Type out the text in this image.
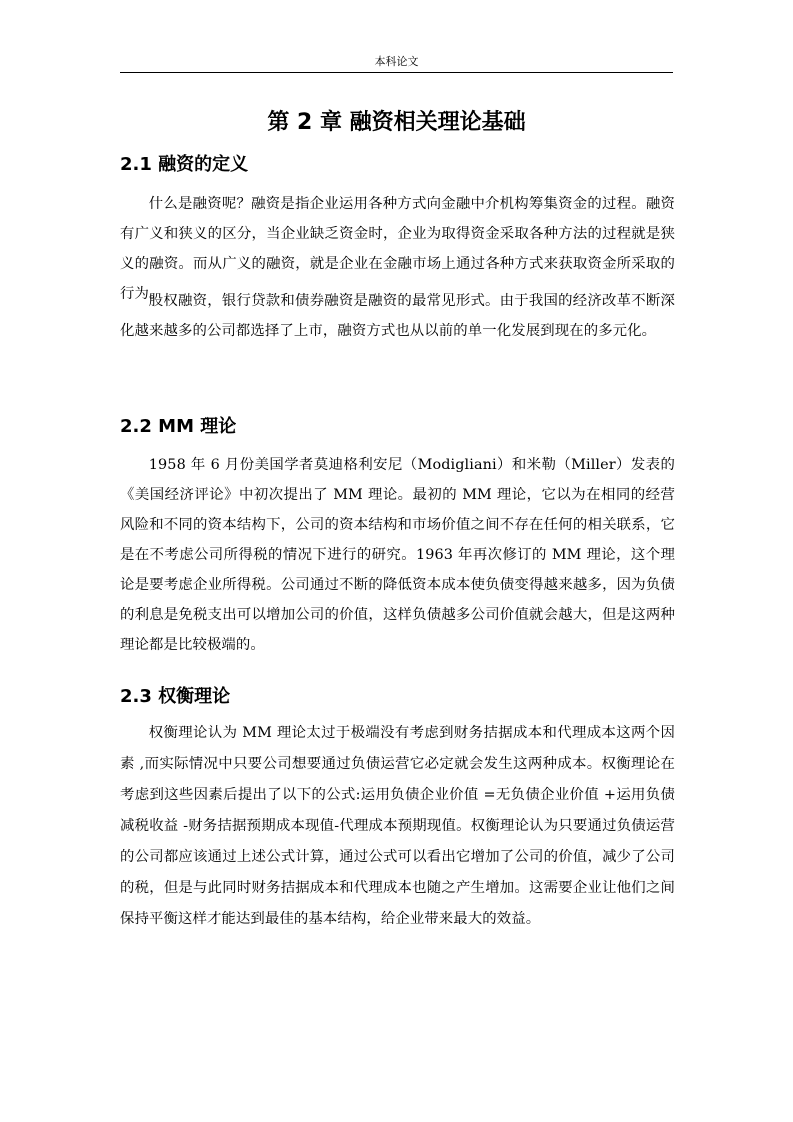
本科论文
第 2 章 融资相关理论基础
2.1 融资的定义
什么是融资呢？融资是指企业运用各种方式向金融中介机构筹集资金的过程。融资有广义和狭义的区分，当企业缺乏资金时，企业为取得资金采取各种方法的过程就是狭义的融资。而从广义的融资，就是企业在金融市场上通过各种方式来获取资金所采取的行为。
股权融资，银行贷款和债券融资是融资的最常见形式。由于我国的经济改革不断深化越来越多的公司都选择了上市，融资方式也从以前的单一化发展到现在的多元化。
2.2 MM 理论
1958 年 6 月份美国学者莫迪格利安尼（Modigliani）和米勒（Miller）发表的《美国经济评论》中初次提出了 MM 理论。最初的 MM 理论，它以为在相同的经营风险和不同的资本结构下，公司的资本结构和市场价值之间不存在任何的相关联系，它是在不考虑公司所得税的情况下进行的研究。1963 年再次修订的 MM 理论，这个理论是要考虑企业所得税。公司通过不断的降低资本成本使负债变得越来越多，因为负债的利息是免税支出可以增加公司的价值，这样负债越多公司价值就会越大，但是这两种理论都是比较极端的。
2.3 权衡理论
权衡理论认为 MM 理论太过于极端没有考虑到财务拮据成本和代理成本这两个因素 ,而实际情况中只要公司想要通过负债运营它必定就会发生这两种成本。权衡理论在考虑到这些因素后提出了以下的公式:运用负债企业价值 =无负债企业价值 +运用负债减税收益 -财务拮据预期成本现值-代理成本预期现值。权衡理论认为只要通过负债运营的公司都应该通过上述公式计算，通过公式可以看出它增加了公司的价值，减少了公司的税，但是与此同时财务拮据成本和代理成本也随之产生增加。这需要企业让他们之间保持平衡这样才能达到最佳的基本结构，给企业带来最大的效益。
